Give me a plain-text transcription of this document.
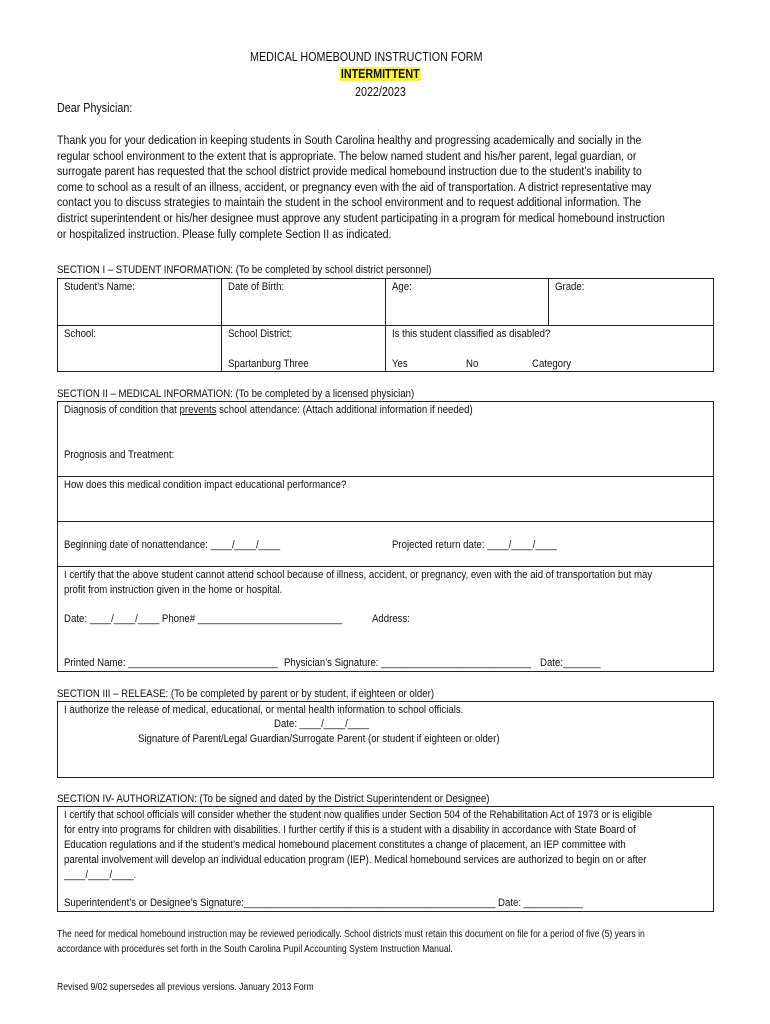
MEDICAL HOMEBOUND INSTRUCTION FORM
INTERMITTENT
2022/2023
Dear Physician:

Thank you for your dedication in keeping students in South Carolina healthy and progressing academically and socially in the

regular school environment to the extent that is appropriate. The below named student and his/her parent, legal guardian, or

surrogate parent has requested that the school district provide medical homebound instruction due to the student’s inability to

come to school as a result of an illness, accident, or pregnancy even with the aid of transportation. A district representative may

contact you to discuss strategies to maintain the student in the school environment and to request additional information. The

district superintendent or his/her designee must approve any student participating in a program for medical homebound instruction

or hospitalized instruction. Please fully complete Section II as indicated.

SECTION I – STUDENT INFORMATION: (To be completed by school district personnel)
Student’s Name:	Date of Birth:	Age:	Grade:
School:	School District:
Spartanburg Three
Is this student classified as disabled?
Yes	No	Category
SECTION II – MEDICAL INFORMATION: (To be completed by a licensed physician)
Diagnosis of condition that prevents school attendance: (Attach additional information if needed)
Prognosis and Treatment:
How does this medical condition impact educational performance?
Beginning date of nonattendance: ____/____/____	Projected return date: ____/____/____

I certify that the above student cannot attend school because of illness, accident, or pregnancy, even with the aid of transportation but may

profit from instruction given in the home or hospital.

Date: ____/____/____ Phone# ___________________________	Address:
Printed Name: ____________________________ Physician’s Signature: ____________________________ Date:_______
SECTION III – RELEASE: (To be completed by parent or by student, if eighteen or older)
I authorize the release of medical, educational, or mental health information to school officials.
Date: ____/____/____
Signature of Parent/Legal Guardian/Surrogate Parent (or student if eighteen or older)
SECTION IV- AUTHORIZATION: (To be signed and dated by the District Superintendent or Designee)

I certify that school officials will consider whether the student now qualifies under Section 504 of the Rehabilitation Act of 1973 or is eligible

for entry into programs for children with disabilities. I further certify if this is a student with a disability in accordance with State Board of

Education regulations and if the student’s medical homebound placement constitutes a change of placement, an IEP committee with

parental involvement will develop an individual education program (IEP). Medical homebound services are authorized to begin on or after

____/____/____.

Superintendent’s or Designee’s Signature:_______________________________________________ Date: ___________

The need for medical homebound instruction may be reviewed periodically. School districts must retain this document on file for a period of five (5) years in

accordance with procedures set forth in the South Carolina Pupil Accounting System Instruction Manual.

Revised 9/02 supersedes all previous versions. January 2013 Form
